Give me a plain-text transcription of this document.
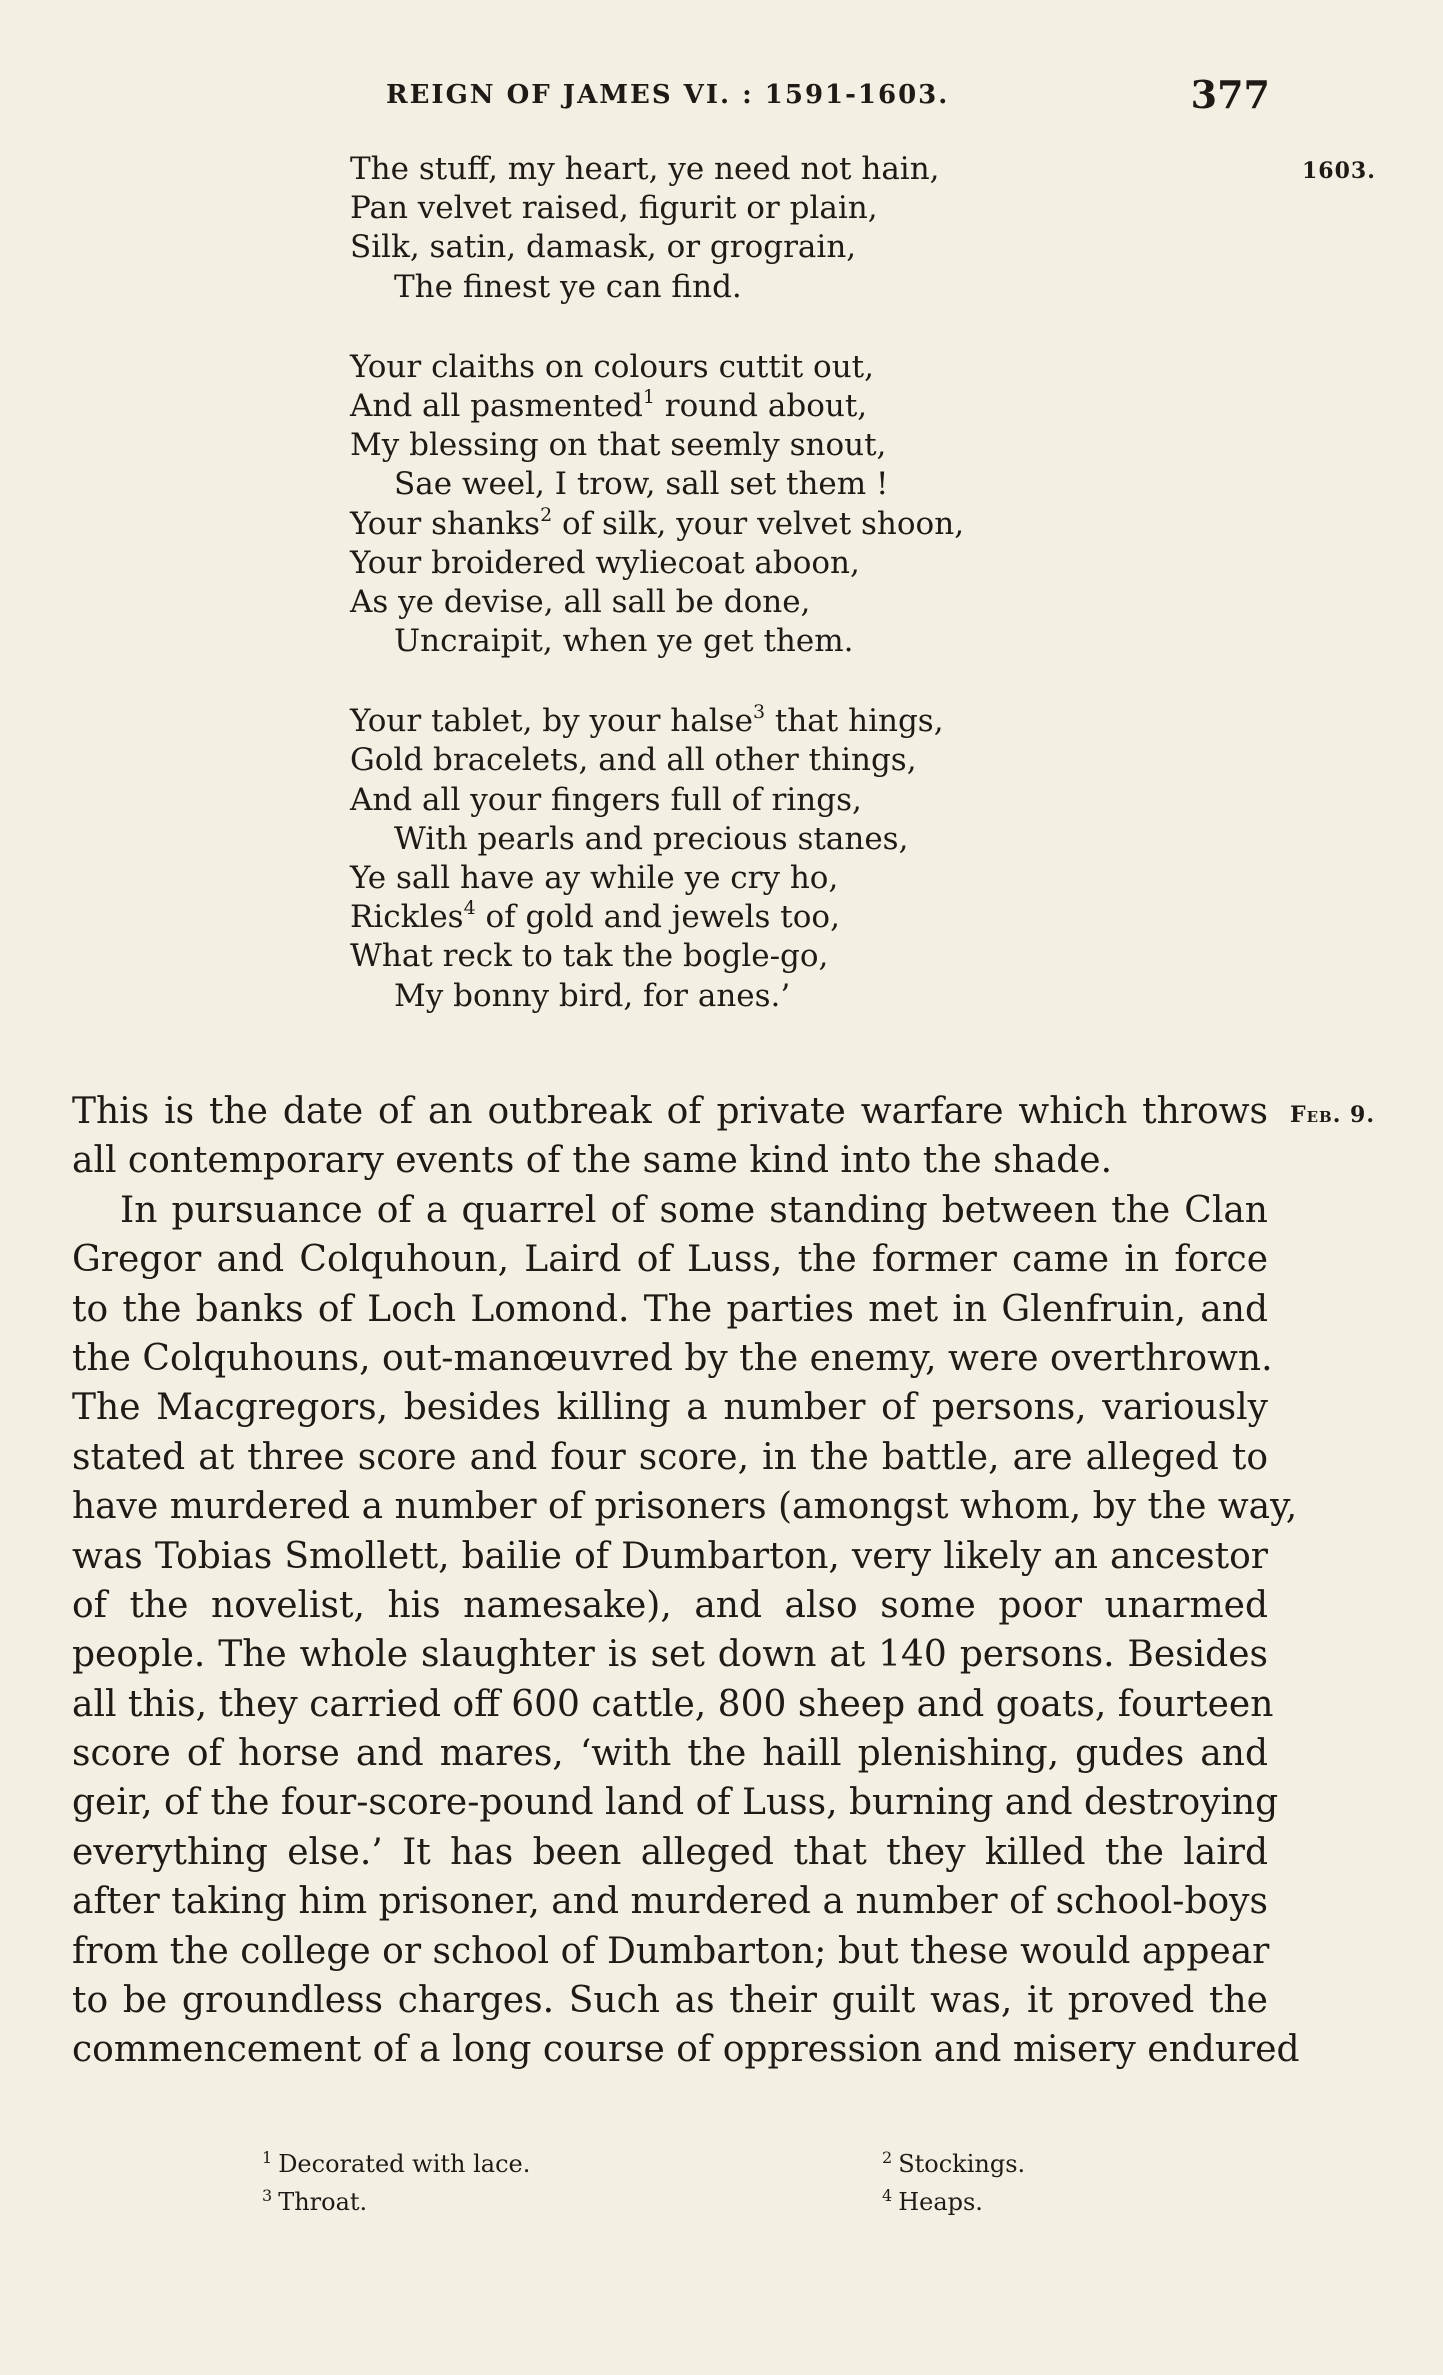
REIGN OF JAMES VI. : 1591-1603.	377
1603.
Feb. 9.
The stuff, my heart, ye need not hain,
Pan velvet raised, figurit or plain,
Silk, satin, damask, or grograin,
The finest ye can find.
Your claiths on colours cuttit out,
And all pasmented$^1$ round about,
My blessing on that seemly snout,
Sae weel, I trow, sall set them !
Your shanks$^2$ of silk, your velvet shoon,
Your broidered wyliecoat aboon,
As ye devise, all sall be done,
Uncraipit, when ye get them.
Your tablet, by your halse$^3$ that hings,
Gold bracelets, and all other things,
And all your fingers full of rings,
With pearls and precious stanes,
Ye sall have ay while ye cry ho,
Rickles$^4$ of gold and jewels too,
What reck to tak the bogle-go,
My bonny bird, for anes.’
This is the date of an outbreak of private warfare which throws
all contemporary events of the same kind into the shade.
In pursuance of a quarrel of some standing between the Clan
Gregor and Colquhoun, Laird of Luss, the former came in force
to the banks of Loch Lomond. The parties met in Glenfruin, and
the Colquhouns, out-manœuvred by the enemy, were overthrown.
The Macgregors, besides killing a number of persons, variously
stated at three score and four score, in the battle, are alleged to
have murdered a number of prisoners (amongst whom, by the way,
was Tobias Smollett, bailie of Dumbarton, very likely an ancestor
of the novelist, his namesake), and also some poor unarmed
people. The whole slaughter is set down at 140 persons. Besides
all this, they carried off 600 cattle, 800 sheep and goats, fourteen
score of horse and mares, ‘with the haill plenishing, gudes and
geir, of the four-score-pound land of Luss, burning and destroying
everything else.’ It has been alleged that they killed the laird
after taking him prisoner, and murdered a number of school-boys
from the college or school of Dumbarton; but these would appear
to be groundless charges. Such as their guilt was, it proved the
commencement of a long course of oppression and misery endured
$^1$ Decorated with lace.	$^2$ Stockings.
$^3$ Throat.	$^4$ Heaps.
